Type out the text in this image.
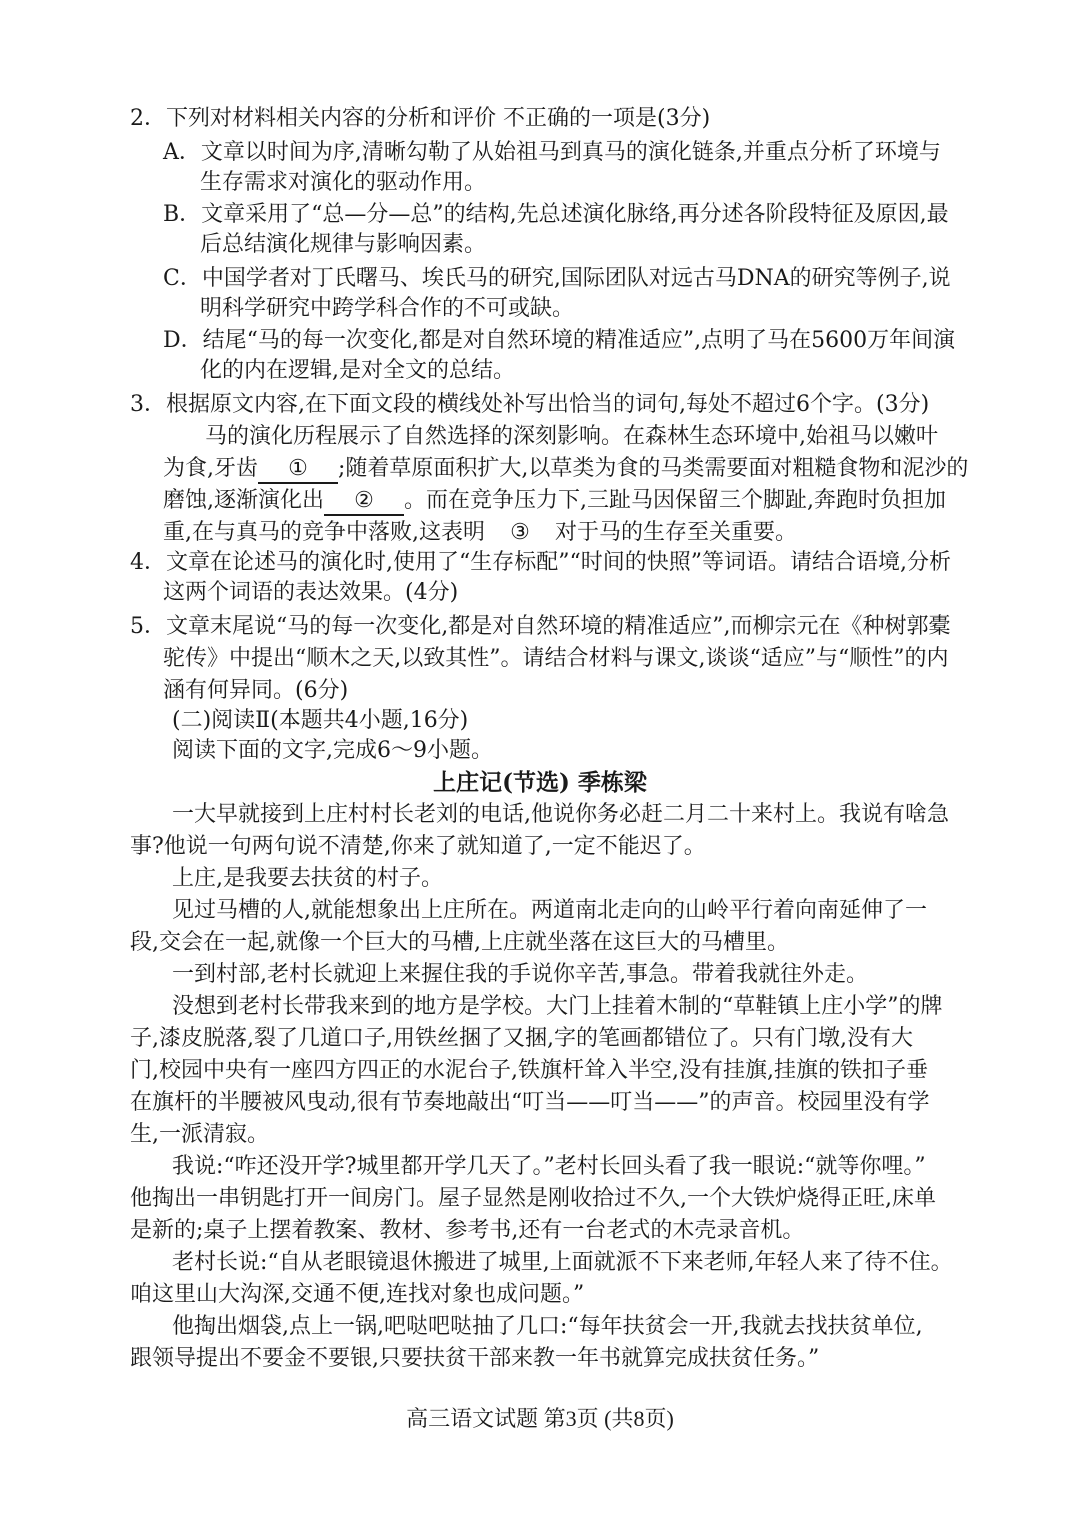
2．下列对材料相关内容的分析和评价 不正确的一项是(3分)
A．文章以时间为序,清晰勾勒了从始祖马到真马的演化链条,并重点分析了环境与
生存需求对演化的驱动作用。
B．文章采用了“总—分—总”的结构,先总述演化脉络,再分述各阶段特征及原因,最
后总结演化规律与影响因素。
C．中国学者对丁氏曙马、埃氏马的研究,国际团队对远古马DNA的研究等例子,说
明科学研究中跨学科合作的不可或缺。
D．结尾“马的每一次变化,都是对自然环境的精准适应”,点明了马在5600万年间演
化的内在逻辑,是对全文的总结。
3．根据原文内容,在下面文段的横线处补写出恰当的词句,每处不超过6个字。(3分)
马的演化历程展示了自然选择的深刻影响。在森林生态环境中,始祖马以嫩叶
为食,牙齿 ① ;随着草原面积扩大,以草类为食的马类需要面对粗糙食物和泥沙的
磨蚀,逐渐演化出 ② 。而在竞争压力下,三趾马因保留三个脚趾,奔跑时负担加
重,在与真马的竞争中落败,这表明 ③ 对于马的生存至关重要。
4．文章在论述马的演化时,使用了“生存标配”“时间的快照”等词语。请结合语境,分析
这两个词语的表达效果。(4分)
5．文章末尾说“马的每一次变化,都是对自然环境的精准适应”,而柳宗元在《种树郭橐
驼传》中提出“顺木之天,以致其性”。请结合材料与课文,谈谈“适应”与“顺性”的内
涵有何异同。(6分)
(二)阅读Ⅱ(本题共4小题,16分)
阅读下面的文字,完成6～9小题。
上庄记(节选) 季栋梁
一大早就接到上庄村村长老刘的电话,他说你务必赶二月二十来村上。我说有啥急
事?他说一句两句说不清楚,你来了就知道了,一定不能迟了。
上庄,是我要去扶贫的村子。
见过马槽的人,就能想象出上庄所在。两道南北走向的山岭平行着向南延伸了一
段,交会在一起,就像一个巨大的马槽,上庄就坐落在这巨大的马槽里。
一到村部,老村长就迎上来握住我的手说你辛苦,事急。带着我就往外走。
没想到老村长带我来到的地方是学校。大门上挂着木制的“草鞋镇上庄小学”的牌
子,漆皮脱落,裂了几道口子,用铁丝捆了又捆,字的笔画都错位了。只有门墩,没有大
门,校园中央有一座四方四正的水泥台子,铁旗杆耸入半空,没有挂旗,挂旗的铁扣子垂
在旗杆的半腰被风曳动,很有节奏地敲出“叮当——叮当——”的声音。校园里没有学
生,一派清寂。
我说:“咋还没开学?城里都开学几天了。”老村长回头看了我一眼说:“就等你哩。”
他掏出一串钥匙打开一间房门。屋子显然是刚收拾过不久,一个大铁炉烧得正旺,床单
是新的;桌子上摆着教案、教材、参考书,还有一台老式的木壳录音机。
老村长说:“自从老眼镜退休搬进了城里,上面就派不下来老师,年轻人来了待不住。
咱这里山大沟深,交通不便,连找对象也成问题。”
他掏出烟袋,点上一锅,吧哒吧哒抽了几口:“每年扶贫会一开,我就去找扶贫单位,
跟领导提出不要金不要银,只要扶贫干部来教一年书就算完成扶贫任务。”
高三语文试题 第3页 (共8页)
